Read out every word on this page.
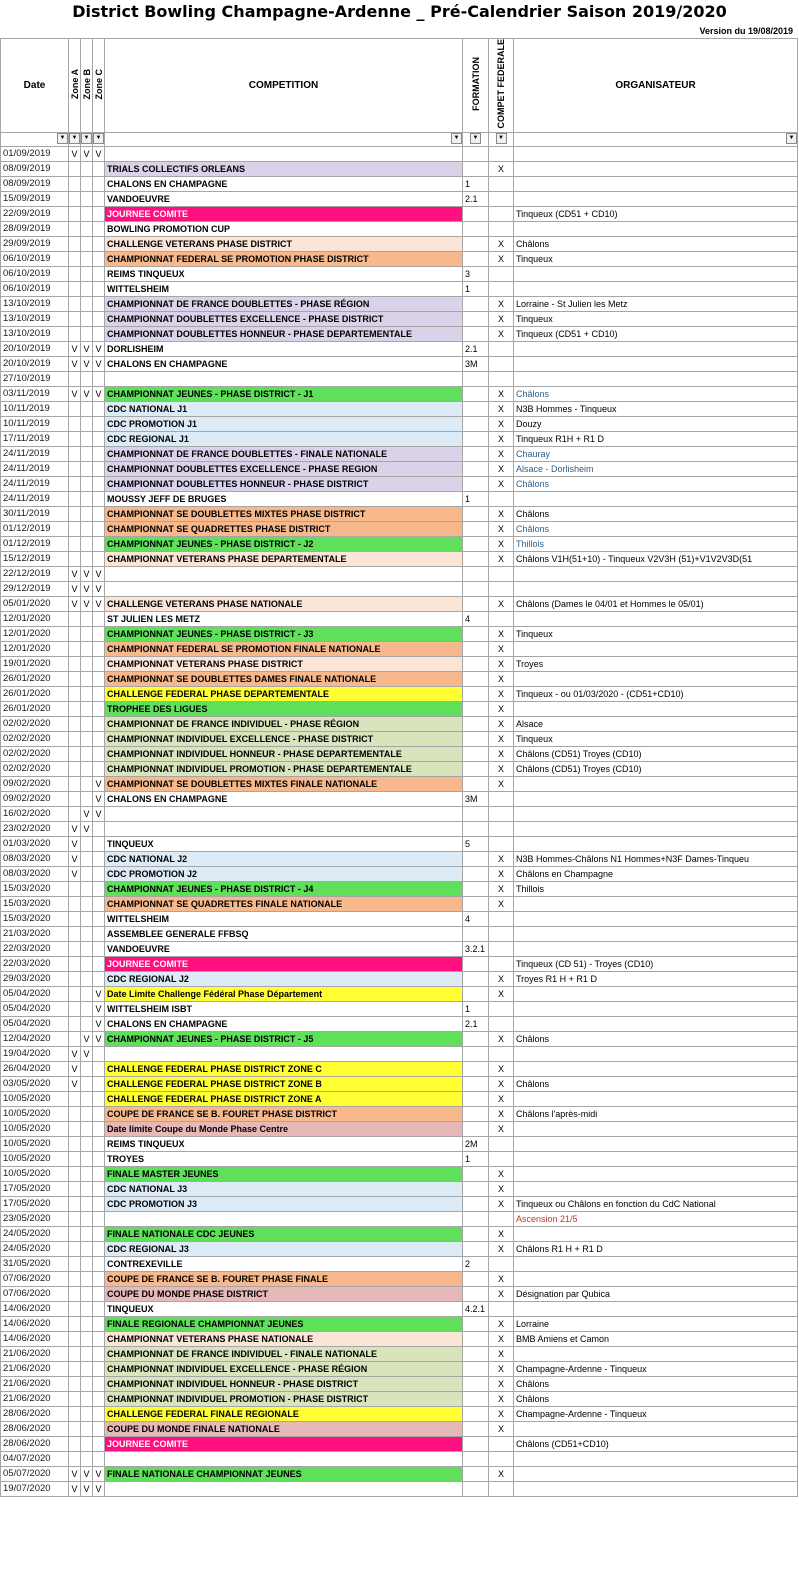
District Bowling Champagne-Ardenne _ Pré-Calendrier Saison 2019/2020
Version du 19/08/2019
Date	Zone A	Zone B	Zone C	COMPETITION	FORMATION	COMPET FEDERALE	ORGANISATEUR
▼	▼	▼	▼	▼	▼	▼	▼
01/09/2019	V	V	V				
08/09/2019				TRIALS COLLECTIFS ORLEANS		X	
08/09/2019				CHALONS EN CHAMPAGNE	1		
15/09/2019				VANDOEUVRE	2.1		
22/09/2019				JOURNEE COMITE			Tinqueux (CD51 + CD10)
28/09/2019				BOWLING PROMOTION CUP			
29/09/2019				CHALLENGE VETERANS PHASE DISTRICT		X	Châlons
06/10/2019				CHAMPIONNAT FEDERAL SE PROMOTION PHASE DISTRICT		X	Tinqueux
06/10/2019				REIMS TINQUEUX	3		
06/10/2019				WITTELSHEIM	1		
13/10/2019				CHAMPIONNAT DE FRANCE DOUBLETTES - PHASE RÉGION		X	Lorraine - St Julien les Metz
13/10/2019				CHAMPIONNAT DOUBLETTES EXCELLENCE - PHASE DISTRICT		X	Tinqueux
13/10/2019				CHAMPIONNAT DOUBLETTES HONNEUR - PHASE DEPARTEMENTALE		X	Tinqueux (CD51 + CD10)
20/10/2019	V	V	V	DORLISHEIM	2.1		
20/10/2019	V	V	V	CHALONS EN CHAMPAGNE	3M		
27/10/2019							
03/11/2019	V	V	V	CHAMPIONNAT JEUNES - PHASE DISTRICT - J1		X	Châlons
10/11/2019				CDC NATIONAL J1		X	N3B Hommes - Tinqueux
10/11/2019				CDC PROMOTION J1		X	Douzy
17/11/2019				CDC REGIONAL J1		X	Tinqueux R1H + R1 D
24/11/2019				CHAMPIONNAT DE FRANCE DOUBLETTES - FINALE NATIONALE		X	Chauray
24/11/2019				CHAMPIONNAT DOUBLETTES EXCELLENCE - PHASE REGION		X	Alsace - Dorlisheim
24/11/2019				CHAMPIONNAT DOUBLETTES HONNEUR - PHASE DISTRICT		X	Châlons
24/11/2019				MOUSSY JEFF DE BRUGES	1		
30/11/2019				CHAMPIONNAT SE DOUBLETTES MIXTES PHASE DISTRICT		X	Châlons
01/12/2019				CHAMPIONNAT SE QUADRETTES PHASE DISTRICT		X	Châlons
01/12/2019				CHAMPIONNAT JEUNES - PHASE DISTRICT - J2		X	Thillois
15/12/2019				CHAMPIONNAT VETERANS PHASE DEPARTEMENTALE		X	Châlons V1H(51+10) - Tinqueux V2V3H (51)+V1V2V3D(51
22/12/2019	V	V	V				
29/12/2019	V	V	V				
05/01/2020	V	V	V	CHALLENGE VETERANS PHASE NATIONALE		X	Châlons (Dames le 04/01 et Hommes le 05/01)
12/01/2020				ST JULIEN LES METZ	4		
12/01/2020				CHAMPIONNAT JEUNES - PHASE DISTRICT - J3		X	Tinqueux
12/01/2020				CHAMPIONNAT FEDERAL SE PROMOTION FINALE NATIONALE		X	
19/01/2020				CHAMPIONNAT VETERANS PHASE DISTRICT		X	Troyes
26/01/2020				CHAMPIONNAT SE DOUBLETTES DAMES FINALE NATIONALE		X	
26/01/2020				CHALLENGE FEDERAL PHASE DEPARTEMENTALE		X	Tinqueux - ou 01/03/2020 - (CD51+CD10)
26/01/2020				TROPHEE DES LIGUES		X	
02/02/2020				CHAMPIONNAT DE FRANCE INDIVIDUEL - PHASE RÉGION		X	Alsace
02/02/2020				CHAMPIONNAT INDIVIDUEL EXCELLENCE - PHASE DISTRICT		X	Tinqueux
02/02/2020				CHAMPIONNAT INDIVIDUEL HONNEUR - PHASE DEPARTEMENTALE		X	Châlons (CD51) Troyes (CD10)
02/02/2020				CHAMPIONNAT INDIVIDUEL PROMOTION - PHASE DEPARTEMENTALE		X	Châlons (CD51) Troyes (CD10)
09/02/2020			V	CHAMPIONNAT SE DOUBLETTES MIXTES FINALE NATIONALE		X	
09/02/2020			V	CHALONS EN CHAMPAGNE	3M		
16/02/2020		V	V				
23/02/2020	V	V					
01/03/2020	V			TINQUEUX	5		
08/03/2020	V			CDC NATIONAL J2		X	N3B Hommes-Châlons N1 Hommes+N3F Dames-Tinqueu
08/03/2020	V			CDC PROMOTION J2		X	Châlons en Champagne
15/03/2020				CHAMPIONNAT JEUNES - PHASE DISTRICT - J4		X	Thillois
15/03/2020				CHAMPIONNAT SE QUADRETTES FINALE NATIONALE		X	
15/03/2020				WITTELSHEIM	4		
21/03/2020				ASSEMBLEE GENERALE FFBSQ			
22/03/2020				VANDOEUVRE	3.2.1		
22/03/2020				JOURNEE COMITE			Tinqueux (CD 51) - Troyes (CD10)
29/03/2020				CDC REGIONAL J2		X	Troyes R1 H + R1 D
05/04/2020			V	Date Limite Challenge Fédéral Phase Département		X	
05/04/2020			V	WITTELSHEIM ISBT	1		
05/04/2020			V	CHALONS EN CHAMPAGNE	2.1		
12/04/2020		V	V	CHAMPIONNAT JEUNES - PHASE DISTRICT - J5		X	Châlons
19/04/2020	V	V					
26/04/2020	V			CHALLENGE FEDERAL PHASE DISTRICT ZONE C		X	
03/05/2020	V			CHALLENGE FEDERAL PHASE DISTRICT ZONE B		X	Châlons
10/05/2020				CHALLENGE FEDERAL PHASE DISTRICT ZONE A		X	
10/05/2020				COUPE DE FRANCE SE B. FOURET PHASE DISTRICT		X	Châlons l'après-midi
10/05/2020				Date limite Coupe du Monde Phase Centre		X	
10/05/2020				REIMS TINQUEUX	2M		
10/05/2020				TROYES	1		
10/05/2020				FINALE MASTER JEUNES		X	
17/05/2020				CDC NATIONAL J3		X	
17/05/2020				CDC PROMOTION J3		X	Tinqueux ou Châlons en fonction du CdC National
23/05/2020							Ascension 21/5
24/05/2020				FINALE NATIONALE CDC JEUNES		X	
24/05/2020				CDC REGIONAL J3		X	Châlons R1 H + R1 D
31/05/2020				CONTREXEVILLE	2		
07/06/2020				COUPE DE FRANCE SE B. FOURET PHASE FINALE		X	
07/06/2020				COUPE DU MONDE PHASE DISTRICT		X	Désignation par Qubica
14/06/2020				TINQUEUX	4.2.1		
14/06/2020				FINALE REGIONALE CHAMPIONNAT JEUNES		X	Lorraine
14/06/2020				CHAMPIONNAT VETERANS PHASE NATIONALE		X	BMB Amiens et Camon
21/06/2020				CHAMPIONNAT DE FRANCE INDIVIDUEL - FINALE NATIONALE		X	
21/06/2020				CHAMPIONNAT INDIVIDUEL EXCELLENCE - PHASE RÉGION		X	Champagne-Ardenne - Tinqueux
21/06/2020				CHAMPIONNAT INDIVIDUEL HONNEUR - PHASE DISTRICT		X	Châlons
21/06/2020				CHAMPIONNAT INDIVIDUEL PROMOTION - PHASE DISTRICT		X	Châlons
28/06/2020				CHALLENGE FEDERAL FINALE REGIONALE		X	Champagne-Ardenne - Tinqueux
28/06/2020				COUPE DU MONDE FINALE NATIONALE		X	
28/06/2020				JOURNEE COMITE			Châlons (CD51+CD10)
04/07/2020							
05/07/2020	V	V	V	FINALE NATIONALE CHAMPIONNAT JEUNES		X	
19/07/2020	V	V	V				
